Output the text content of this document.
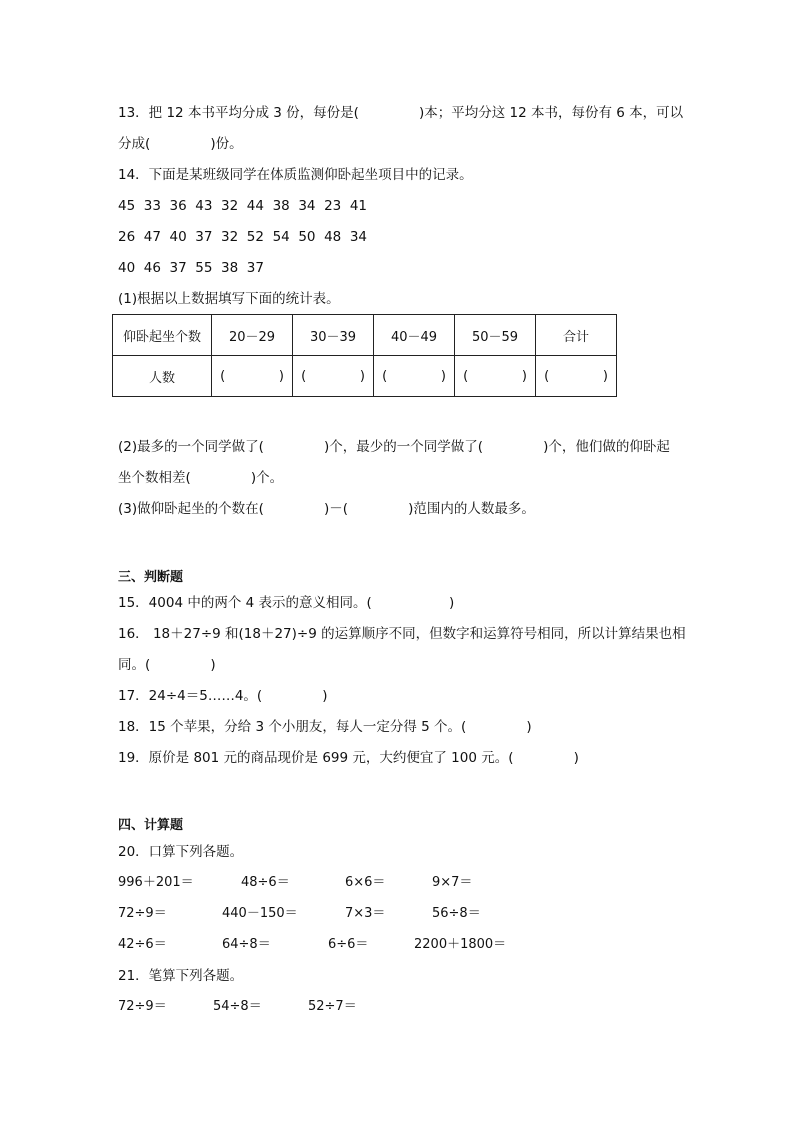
13．把 12 本书平均分成 3 份，每份是(              )本；平均分这 12 本书，每份有 6 本，可以
分成(              )份。
14．下面是某班级同学在体质监测仰卧起坐项目中的记录。
45  33  36  43  32  44  38  34  23  41
26  47  40  37  32  52  54  50  48  34
40  46  37  55  38  37
(1)根据以上数据填写下面的统计表。
仰卧起坐个数	20－29	30－39	40－49	50－59	合计
人数	(             )	(             )	(             )	(             )	(             )
(2)最多的一个同学做了(              )个，最少的一个同学做了(              )个，他们做的仰卧起
坐个数相差(              )个。
(3)做仰卧起坐的个数在(              )－(              )范围内的人数最多。
三、判断题
15．4004 中的两个 4 表示的意义相同。(                  )
16． 18＋27÷9 和(18＋27)÷9 的运算顺序不同，但数字和运算符号相同，所以计算结果也相
同。(              )
17．24÷4＝5……4。(              )
18．15 个苹果，分给 3 个小朋友，每人一定分得 5 个。(              )
19．原价是 801 元的商品现价是 699 元，大约便宜了 100 元。(              )
四、计算题
20．口算下列各题。
996＋201＝	48÷6＝	6×6＝	9×7＝
72÷9＝	440－150＝	7×3＝	56÷8＝
42÷6＝	64÷8＝	6÷6＝	2200＋1800＝
21．笔算下列各题。
72÷9＝	54÷8＝	52÷7＝
